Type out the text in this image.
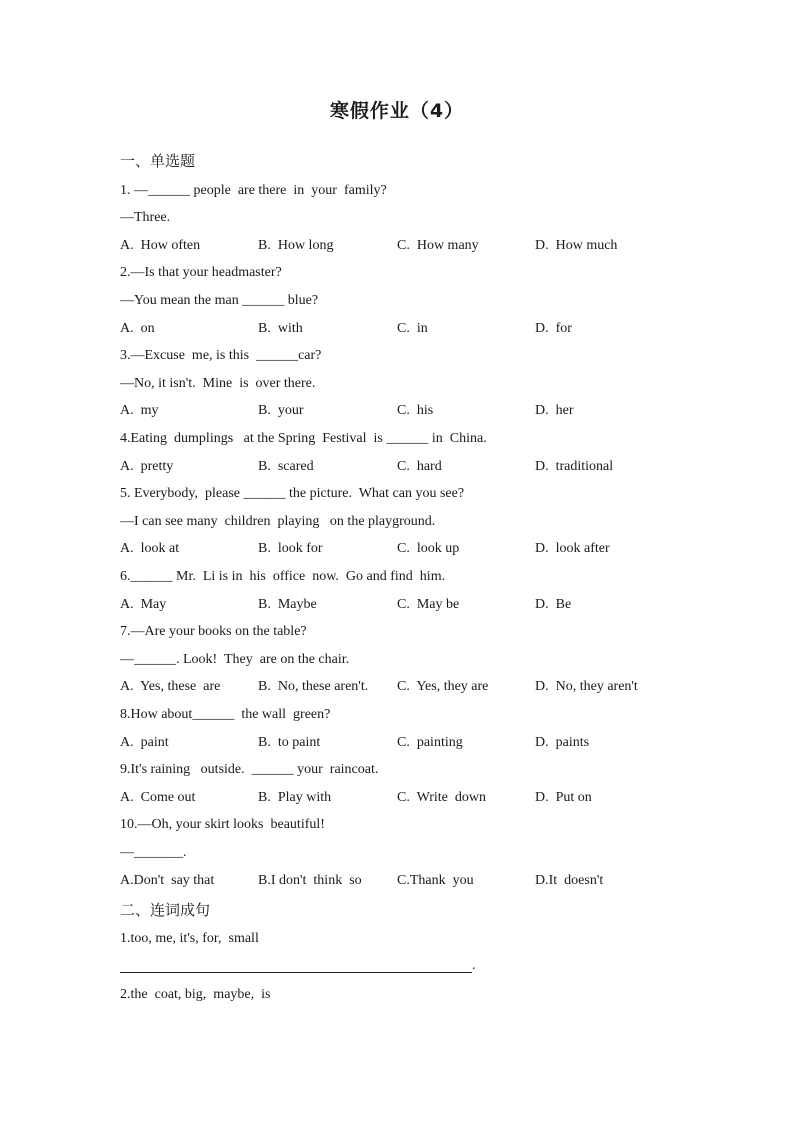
寒假作业（4）
一、单选题
1. —______ people  are there  in  your  family?
—Three.
A.  How often	B.  How long	C.  How many	D.  How much
2.—Is that your headmaster?
—You mean the man ______ blue?
A.  on	B.  with	C.  in	D.  for
3.—Excuse  me, is this  ______car?
—No, it isn't.  Mine  is  over there.
A.  my	B.  your	C.  his	D.  her
4.Eating  dumplings   at the Spring  Festival  is ______ in  China.
A.  pretty	B.  scared	C.  hard	D.  traditional
5. Everybody,  please ______ the picture.  What can you see?
—I can see many  children  playing   on the playground.
A.  look at	B.  look for	C.  look up	D.  look after
6.______ Mr.  Li is in  his  office  now.  Go and find  him.
A.  May	B.  Maybe	C.  May be	D.  Be
7.—Are your books on the table?
—______. Look!  They  are on the chair.
A.  Yes, these  are	B.  No, these aren't. C.  Yes, they are	D.  No, they aren't
8.How about______  the wall  green?
A.  paint	B.  to paint	C.  painting	D.  paints
9.It's raining   outside.  ______ your  raincoat.
A.  Come out	B.  Play with	C.  Write  down	D.  Put on
10.—Oh, your skirt looks  beautiful!
—_______.
A.Don't  say that	B.I don't  think  so	C.Thank  you	D.It  doesn't
二、连词成句
1.too, me, it's, for,  small
.
2.the  coat, big,  maybe,  is
